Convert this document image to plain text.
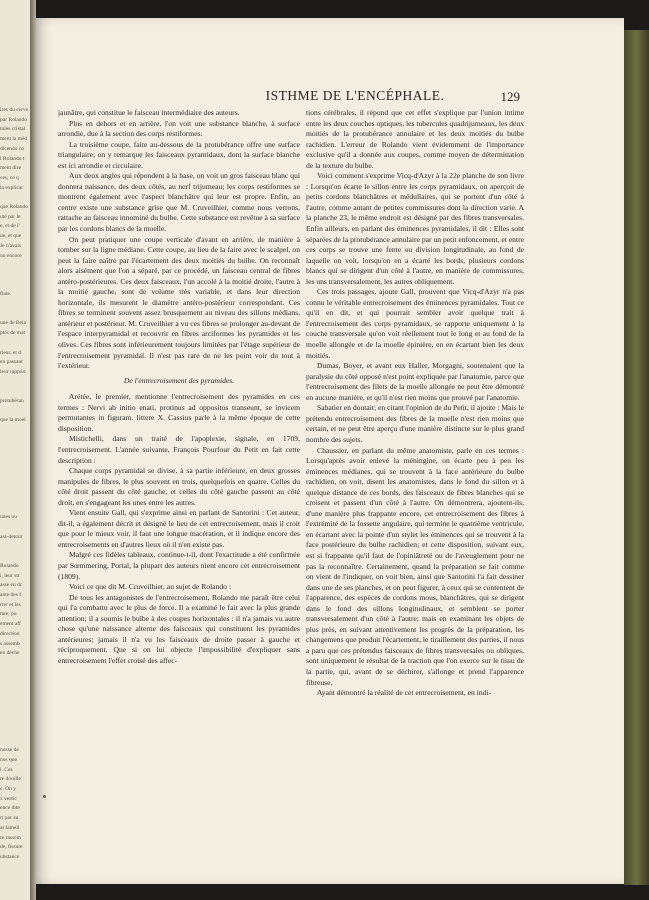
ires du cerve
par Rolando
tules cristal
ment la méd
dicendo co
l Rolando t
ment dire
ces, ce q
la explicat
que Rolando
uté par le
e, et de l'
ue, et que
Je n'avais
on encore
flale.
une de Bela
ptés de mat
rieur, et d
en passant
leur rapport
protubéran
que la moel
unes ou
ass-detour
Rolando
i, leur str
asse en dc
ante des f
rrer et les
rate, pu
ement aff
direction
s assemb
en dèche
nosse de
nos que
l. Ces
re douille
c. On y
x vertic
ence dite
rt par au
ar lamell
re rassem
de, fissure
ubstance
ISTHME DE L'ENCÉPHALE.	129

jaunâtre, qui constitue le faisceau intermédiaire des auteurs.

Plus en dehors et en arrière, l'on voit une substance blanche, à surface arrondie, due à la section des corps restiformes.

La troisième coupe, faite au-dessous de la protubérance offre une surface triangulaire; on y remarque les faisceaux pyramidaux, dont la surface blanche est ici arrondie et circulaire.

Aux deux angles qui répondent à la base, on voit un gros faisceau blanc qui donnera naissance, des deux côtés, au nerf trijumeau; les corps restiformes se montrent également avec l'aspect blanchâtre qui leur est propre. Enfin, au centre existe une substance grise que M. Cruveilhier, comme nous verrons, rattache au faisceau innominé du bulbe. Cette substance est revêtue à sa surface par les cordons blancs de la moelle.

On peut pratiquer une coupe verticale d'avant en arrière, de manière à tomber sur la ligne médiane. Cette coupe, au lieu de la faire avec le scalpel, on peut la faire naître par l'écartement des deux moitiés du bulbe. On reconnaît alors aisément que l'on a séparé, par ce procédé, un faisceau central de fibres antéro-postérieures. Ces deux faisceaux, l'un accolé à la moitié droite, l'autre à la moitié gauche, sont de volume très variable, et dans leur direction horizontale, ils mesurent le diamètre antéro-postérieur correspondant. Ces fibres se terminent souvent assez brusquement au niveau des sillons médians, antérieur et postérieur. M. Cruveilhier a vu ces fibres se prolonger au-devant de l'espace interpyramidal et recouvrir en fibres arciformes les pyramides et les olives. Ces fibres sont inférieurement toujours limitées par l'étage supérieur de l'entrecroisement pyramidal. Il n'est pas rare de ne les point voir du tout à l'extérieur.

De l'entrecroisement des pyramides.

Arétée, le premier, mentionne l'entrecroisement des pyramides en ces termes : Nervi ab initio enati, protinus ad oppositos transeunt, se invicem permutantes in figuram. littere X. Cassius parle à la même époque de cette disposition.

Mistichelli, dans un traité de l'apoplexie, signale, en 1709, l'entrecroisement. L'année suivante, François Pourfour du Petit en fait cette description :

Chaque corps pyramidal se divise, à sa partie inférieure, en deux grosses manipules de fibres, le plus souvent en trois, quelquefois en quatre. Celles du côté droit passent du côté gauche, et celles du côté gauche passent au côté droit, en s'engageant les unes entre les autres.

Vient ensuite Gall, qui s'exprime ainsi en parlant de Santorini : Cet auteur, dit-il, a également décrit et désigné le lieu de cet entrecroisement, mais il croit que pour le mieux voir, il faut une longue macération, et il indique encore des entrecroisements en d'autres lieux où il n'en existe pas.

Malgré ces fidèles tableaux, continue-t-il, dont l'exactitude a été confirmée par Sœmmering, Portal, la plupart des auteurs nient encore cet entrecroisement (1809).

Voici ce que dit M. Cruveilhier, au sujet de Rolando :

De tous les antagonistes de l'entrecroisement, Rolando me paraît être celui qui l'a combattu avec le plus de force. Il a examiné le fait avec la plus grande attention; il a soumis le bulbe à des coupes horizontales : il n'a jamais vu autre chose qu'une naissance alterne des faisceaux qui constituent les pyramides antérieures; jamais il n'a vu les faisceaux de droite passer à gauche et réciproquement. Que si on lui objecte l'impossibilité d'expliquer sans entrecroisement l'effet croisé des affec-

tions cérébrales, il répond que cet effet s'explique par l'union intime entre les deux couches optiques, les tubercules quadrijumeaux, les deux moitiés de la protubérance annulaire et les deux moitiés du bulbe rachidien. L'erreur de Rolando vient évidemment de l'importance exclusive qu'il a donnée aux coupes, comme moyen de détermination de la texture du bulbe.

Voici comment s'exprime Vicq-d'Azyr à la 22e planche de son livre : Lorsqu'on écarte le sillon entre les corps pyramidaux, on aperçoit de petits cordons blanchâtres et médullaires, qui se portent d'un côté à l'autre, comme autant de petites commissures dont la direction varie. A la planche 23, le même endroit est désigné par des fibres transversales. Enfin ailleurs, en parlant des éminences pyramidales, il dit : Elles sont séparées de la protubérance annulaire par un petit enfoncement, et entre ces corps se trouve une fente ou division longitudinale, au fond de laquelle on voit, lorsqu'on en a écarté les bords, plusieurs cordons blancs qui se dirigent d'un côté à l'autre, en manière de commissures, les uns transversalement, les autres obliquement.

Ces trois passages, ajoute Gall, prouvent que Vicq-d'Azyr n'a pas connu le véritable entrecroisement des éminences pyramidales. Tout ce qu'il en dit, et qui pourrait sembler avoir quelque trait à l'entrecroisement des corps pyramidaux, se rapporte uniquement à la couche transversale qu'on voit réellement tout le long et au fond de la moelle allongée et de la moelle épinière, en en écartant bien les deux moitiés.

Dumas, Boyer, et avant eux Haller, Morgagni, soutenaient que la paralysie du côté opposé n'est point expliquée par l'anatomie, parce que l'entrecroisement des filets de la moelle allongée ne peut être démontré en aucune manière, et qu'il n'est rien moins que prouvé par l'anatomie.

Sabatier en doutait; en citant l'opinion de du Petit, il ajoute : Mais le prétendu entrecroisement des fibres de la moelle n'est rien moins que certain, et ne peut être aperçu d'une manière distincte sur le plus grand nombre des sujets.

Chaussier, en parlant du même anatomiste, parle en ces termes : Lorsqu'après avoir enlevé la méningine, on écarte peu à peu les éminences médianes, qui se trouvent à la face antérieure du bulbe rachidien, on voit, disent les anatomistes, dans le fond du sillon et à quelque distance de ces bords, des faisceaux de fibres blanches qui se croisent et passent d'un côté à l'autre. On démontrera, ajoutent-ils, d'une manière plus frappante encore, cet entrecroisement des fibres à l'extrémité de la fossette angulaire, qui termine le quatrième ventricule, en écartant avec la pointe d'un stylet les éminences qui se trouvent à la face postérieure du bulbe rachidien; et cette disposition, suivant eux, est si frappante qu'il faut de l'opiniâtreté ou de l'aveuglement pour ne pas la reconnaître. Certainement, quand la préparation se fait comme on vient de l'indiquer, on voit bien, ainsi que Santorini l'a fait dessiner dans une de ses planches, et on peut figurer, à ceux qui se contentent de l'apparence, des espèces de cordons mous, blanchâtres, qui se dirigent dans le fond des sillons longitudinaux, et semblent se porter transversalement d'un côté à l'autre; mais en examinant les objets de plus près, en suivant attentivement les progrès de la préparation, les changemens que produit l'écartement, le tiraillement des parties, il nous a paru que ces prétendus faisceaux de fibres transversales ou obliques, sont uniquement le résultat de la traction que l'on exerce sur le tissu de la partie, qui, avant de se déchirer, s'allonge et prend l'apparence fibreuse.

Ayant démontré la réalité de cet entrecroisement, en indi-
